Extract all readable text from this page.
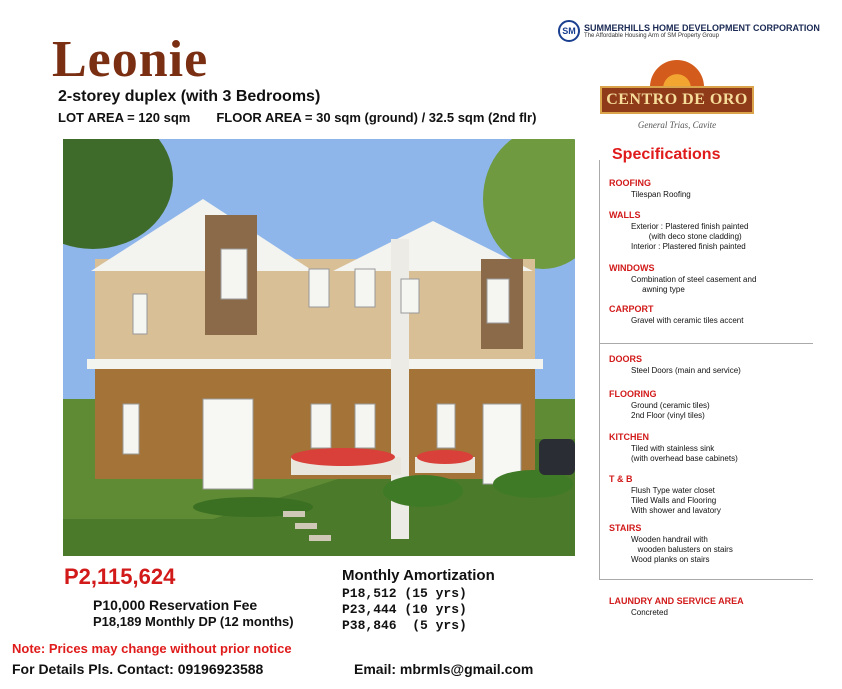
Leonie
2-storey duplex (with 3 Bedrooms)
LOT AREA = 120 sqm FLOOR AREA = 30 sqm (ground) / 32.5 sqm (2nd flr)
SM SUMMERHILLS HOME DEVELOPMENT CORPORATION
The Affordable Housing Arm of SM Property Group
CENTRO DE ORO
General Trias, Cavite
Specifications
ROOFING
Tilespan Roofing
WALLS
Exterior : Plastered finish painted
(with deco stone cladding)
Interior : Plastered finish painted
WINDOWS
Combination of steel casement and
awning type
CARPORT
Gravel with ceramic tiles accent
DOORS
Steel Doors (main and service)
FLOORING
Ground (ceramic tiles)
2nd Floor (vinyl tiles)
KITCHEN
Tiled with stainless sink
(with overhead base cabinets)
T & B
Flush Type water closet
Tiled Walls and Flooring
With shower and lavatory
STAIRS
Wooden handrail with
wooden balusters on stairs
Wood planks on stairs
LAUNDRY AND SERVICE AREA
Concreted
P2,115,624
P10,000 Reservation Fee
P18,189 Monthly DP (12 months)
Monthly Amortization
P18,512 (15 yrs)
P23,444 (10 yrs)
P38,846  (5 yrs)
Note: Prices may change without prior notice
For Details Pls. Contact: 09196923588	Email: mbrmls@gmail.com
